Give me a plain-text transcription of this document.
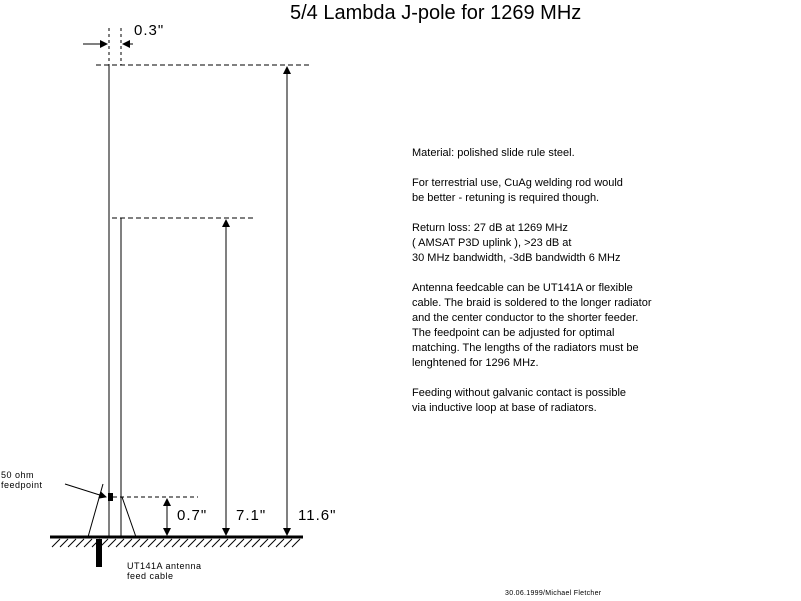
5/4 Lambda J-pole for 1269 MHz
0.3"
0.7" 7.1" 11.6"
50 ohm
feedpoint
UT141A antenna
feed cable

Material: polished slide rule steel.

For terrestrial use, CuAg welding rod would
be better - retuning is required though.

Return loss: 27 dB at 1269 MHz
( AMSAT P3D uplink ), >23 dB at
30 MHz bandwidth, -3dB bandwidth 6 MHz

Antenna feedcable can be UT141A or flexible
cable. The braid is soldered to the longer radiator
and the center conductor to the shorter feeder.
The feedpoint can be adjusted for optimal
matching. The lengths of the radiators must be
lenghtened for 1296 MHz.

Feeding without galvanic contact is possible
via inductive loop at base of radiators.

30.06.1999/Michael Fletcher
